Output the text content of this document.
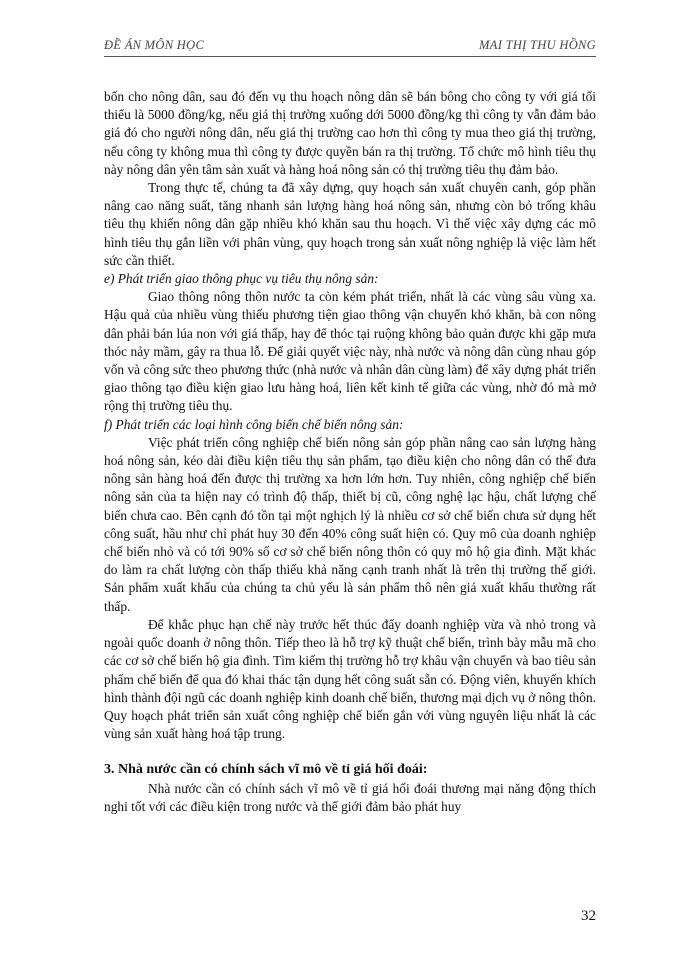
ĐỀ ÁN MÔN HỌC	MAI THỊ THU HỒNG

bốn cho nông dân, sau đó đến vụ thu hoạch nông dân sẽ bán bông cho công ty với giá tối thiểu là 5000 đồng/kg, nếu giá thị trường xuống dới 5000 đồng/kg thì công ty vẫn đảm bảo giá đó cho người nông dân, nếu giá thị trường cao hơn thì công ty mua theo giá thị trường, nếu công ty không mua thì công ty được quyền bán ra thị trường. Tổ chức mô hình tiêu thụ này nông dân yên tâm sản xuất và hàng hoá nông sản có thị trường tiêu thụ đảm bảo.

Trong thực tế, chúng ta đã xây dựng, quy hoạch sản xuất chuyên canh, góp phần nâng cao năng suất, tăng nhanh sản lượng hàng hoá nông sản, nhưng còn bỏ trống khâu tiêu thụ khiến nông dân gặp nhiều khó khăn sau thu hoạch. Vì thế việc xây dựng các mô hình tiêu thụ gắn liền với phân vùng, quy hoạch trong sản xuất nông nghiệp là việc làm hết sức cần thiết.

e) Phát triển giao thông phục vụ tiêu thụ nông sản:

Giao thông nông thôn nước ta còn kém phát triển, nhất là các vùng sâu vùng xa. Hậu quả của nhiều vùng thiếu phương tiện giao thông vận chuyển khó khăn, bà con nông dân phải bán lúa non với giá thấp, hay để thóc tại ruộng không bảo quản được khi gặp mưa thóc nảy mầm, gây ra thua lỗ. Để giải quyết việc này, nhà nước và nông dân cùng nhau góp vốn và công sức theo phương thức (nhà nước và nhân dân cùng làm) để xây dựng phát triển giao thông tạo điều kiện giao lưu hàng hoá, liên kết kinh tế giữa các vùng, nhờ đó mà mở rộng thị trường tiêu thụ.

f) Phát triển các loại hình công biến chế biến nông sản:

Việc phát triển công nghiệp chế biến nông sản góp phần nâng cao sản lượng hàng hoá nông sản, kéo dài điều kiện tiêu thụ sản phẩm, tạo điều kiện cho nông dân có thể đưa nông sản hàng hoá đến được thị trường xa hơn lớn hơn. Tuy nhiên, công nghiệp chế biến nông sản của ta hiện nay có trình độ thấp, thiết bị cũ, công nghệ lạc hậu, chất lượng chế biến chưa cao. Bên cạnh đó tồn tại một nghịch lý là nhiều cơ sở chế biến chưa sử dụng hết công suất, hầu như chỉ phát huy 30 đến 40% công suất hiện có. Quy mô của doanh nghiệp chế biến nhỏ và có tới 90% số cơ sở chế biến nông thôn có quy mô hộ gia đình. Mặt khác do làm ra chất lượng còn thấp thiếu khả năng cạnh tranh nhất là trên thị trường thế giới. Sản phẩm xuất khẩu của chúng ta chủ yếu là sản phẩm thô nên giá xuất khẩu thường rất thấp.

Để khắc phục hạn chế này trước hết thúc đẩy doanh nghiệp vừa và nhỏ trong và ngoài quốc doanh ở nông thôn. Tiếp theo là hỗ trợ kỹ thuật chế biến, trình bày mẫu mã cho các cơ sở chế biến hộ gia đình. Tìm kiếm thị trường hỗ trợ khâu vận chuyển và bao tiêu sản phẩm chế biến để qua đó khai thác tận dụng hết công suất sẵn có. Động viên, khuyến khích hình thành đội ngũ các doanh nghiệp kinh doanh chế biến, thương mại dịch vụ ở nông thôn. Quy hoạch phát triển sản xuất công nghiệp chế biến gắn với vùng nguyên liệu nhất là các vùng sản xuất hàng hoá tập trung.

3. Nhà nước cần có chính sách vĩ mô về tỉ giá hối đoái:

Nhà nước cần có chính sách vĩ mô về tỉ giá hối đoái thương mại năng động thích nghi tốt với các điều kiện trong nước và thế giới đảm bảo phát huy

32
